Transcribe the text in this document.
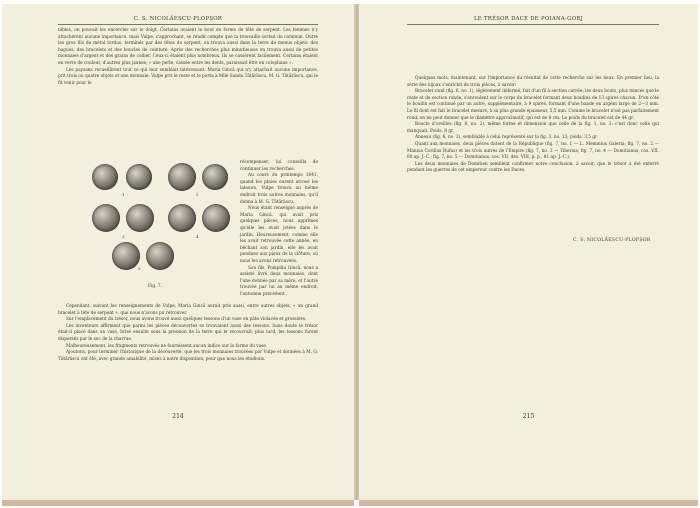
C. S. NICOLĂESCU-PLOPȘOR

nibles, on pouvait les encercler sur le doigt. Certains avaient le bout en forme de tête de serpent. Les femmes n'y attachèrent aucune importance, mais Vulpe, s'approchant, se rendit compte que la trouvaille sortait du commun. Outre les gros fils de métal tordus, terminés par des têtes de serpent, on trouva aussi dans la terre de menus objets: des bagues, des bracelets et des boucles de ceinture. Après des recherches plus minutieuses on trouva aussi de petites monnaies d'argent et des grains de collier. Ceux-ci étaient plus nombreux. Ils se cassèrent facilement. Certains étaient en verre de couleur, d'autres plus jaunes; « une perle, cassée entre les dents, paraissait être en colophane ».

Les paysans recueillirent tout ce qui leur semblait intéressant. Maria Gincă qui n'y attachait aucune importance, prit trois ou quatre objets et une monnaie. Vulpe prit le reste et le porta à Mlle Sanda Tătărăscu, M. G. Tătărăscu, qui le fit venir pour le

1	2
3	4
5
Fig. 7.

récompenser; lui conseilla de continuer les recherches.

Au cours du printemps 1941, quand les plaies eurent arrosé les labours, Vulpe trouva au même endroit trois autres monnaies, qu'il donna à M. G. Tătărăscu.

Nous étant renseigné auprès de Maria Gincă, qui avait pris quelques pièces, nous apprîmes qu'elle les avait jetées dans le jardin. Heureusement, comme elle les avait retrouvée cette année, en bêchant son jardin, elle les avait pendues aux pieux de la clôture, où nous les avons retrouvées.

Son fils, Pompiliu Gincă, nous a assisté livré deux monnaies, dont l'une donnée par sa mère, et l'autre trouvée par lui au même endroit, l'automne précédent.

Cependant, suivant les renseignements de Vulpe, Maria Gincă aurait pris aussi, entre autres objets, « un grand bracelet à tête de serpent », que nous n'avons pu retrouver.

Sur l'emplacement du trésor, nous avons trouvé aussi quelques tessons d'un vase en pâte violacée et grossière.

Les inventeurs affirment que parmi les pièces découvertes se trouvaient aussi des tessons. Sans doute le trésor était-il placé dans un vase, brisé ensuite sous la pression de la terre qui le recouvrait; plus tard, les tessons furent dispersés par le soc de la charrue.

Malheureusement, les fragments retrouvés ne fournissent aucun indice sur la forme du vase.

Ajoutons, pour terminer l'historique de la découverte, que les trois monnaies trouvées par Vulpe et données à M. G. Tătărăscu ont été, avec grande amabilité, mises à notre disposition, pour que nous les étudions.

214
LE TRÉSOR DACE DE POIANA-GORJ

Quelques mots, maintenant, sur l'importance du résultat de cette recherche sur les lieux. En premier lieu, la série des bijoux s'enrichit de trois pièces, à savoir:

Bracelet rond (fig. 6, no. 1), légèrement déformé, fait d'un fil à section carrée; les deux bouts, plus minces que le reste et de section ronde, s'enroulent sur le corps du bracelet formant deux boudins de 13 spires chacun. D'un côté le boudin est continué par un autre, supplémentaire, à 9 spires, formant d'une bande en argent large de 2—3 mm. Le fil dont est fait le bracelet mesure, à sa plus grande épaisseur, 5,5 mm. Comme le bracelet n'est pas parfaitement rond, on ne peut donner que le diamètre approximatif, qui est de 8 cm. Le poids du bracelet est de 44 gr.

Boucle d'oreilles (fig. 6, no. 2), même forme et dimension que celle de la fig. 1, no. 1: c'est donc celle qui manquait. Poids, 8 gr.

Anneau (fig. 6, no. 3), semblable à celui représenté sur la fig. 3, no. 13; poids, 3,5 gr.

Quant aux monnaies, deux pièces datent de la République (fig. 7, no. 1 — L. Memmius Galeria; fig. 7, no. 2 — Manius Cordius Rufus) et les trois autres de l'Empire (fig. 7, no. 3 — Tiberius; fig. 7, no. 4 — Domitianus, cos. VII. 80 ap. J.-C.; fig. 7, no. 5 — Domitianus, cos. VII, des. VIII, p. p., 81 ap. J.-C.).

Les deux monnaies de Domitien semblent confirmer notre conclusion, à savoir, que le trésor a été enterré pendant les guerres de cet empereur contre les Daces.

C. S. NICOLĂESCU-PLOPȘOR
215
